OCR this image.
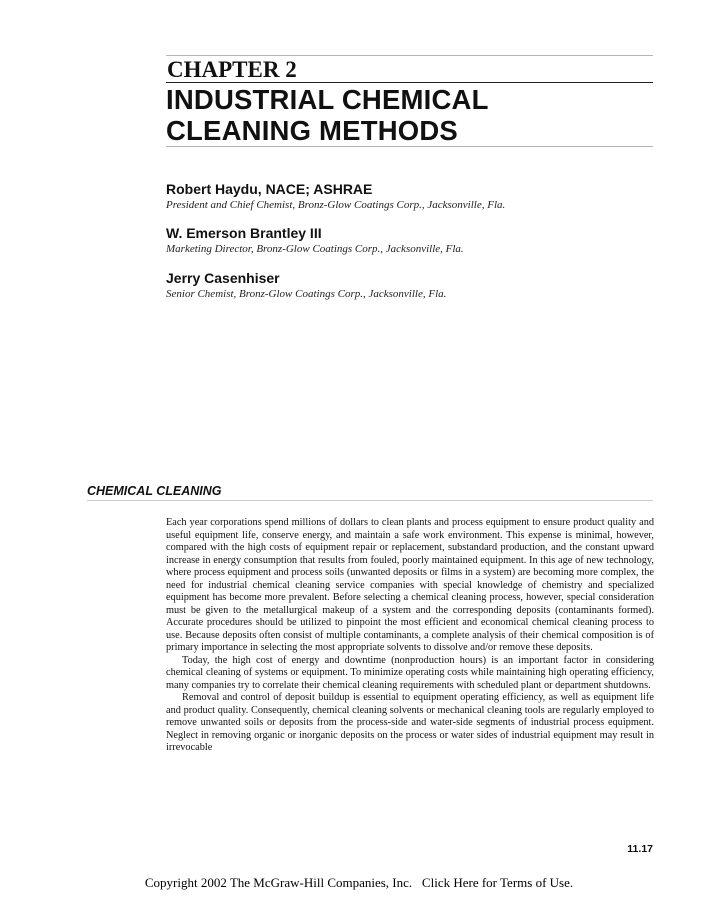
CHAPTER 2
INDUSTRIAL CHEMICAL
CLEANING METHODS

Robert Haydu, NACE; ASHRAE

President and Chief Chemist, Bronz-Glow Coatings Corp., Jacksonville, Fla.

W. Emerson Brantley III

Marketing Director, Bronz-Glow Coatings Corp., Jacksonville, Fla.

Jerry Casenhiser

Senior Chemist, Bronz-Glow Coatings Corp., Jacksonville, Fla.

CHEMICAL CLEANING

Each year corporations spend millions of dollars to clean plants and process equipment to ensure product quality and useful equipment life, conserve energy, and maintain a safe work environment. This expense is minimal, however, compared with the high costs of equipment repair or replacement, substandard production, and the constant upward increase in energy consumption that results from fouled, poorly maintained equipment. In this age of new technology, where process equipment and process soils (unwanted deposits or films in a system) are becoming more complex, the need for industrial chemical cleaning service companies with special knowledge of chemistry and specialized equipment has become more prevalent. Before selecting a chemical cleaning process, however, special consideration must be given to the metallurgical makeup of a system and the corresponding deposits (contaminants formed). Accurate procedures should be utilized to pinpoint the most efficient and economical chemical cleaning process to use. Because deposits often consist of multiple contaminants, a complete analysis of their chemical composition is of primary importance in selecting the most appropriate solvents to dissolve and/or remove these deposits.

Today, the high cost of energy and downtime (nonproduction hours) is an important factor in considering chemical cleaning of systems or equipment. To minimize operating costs while maintaining high operating efficiency, many companies try to correlate their chemical cleaning requirements with scheduled plant or department shutdowns.

Removal and control of deposit buildup is essential to equipment operating efficiency, as well as equipment life and product quality. Consequently, chemical cleaning solvents or mechanical cleaning tools are regularly employed to remove unwanted soils or deposits from the process-side and water-side segments of industrial process equipment. Neglect in removing organic or inorganic deposits on the process or water sides of industrial equipment may result in irrevocable

11.17
Copyright 2002 The McGraw-Hill Companies, Inc. Click Here for Terms of Use.
